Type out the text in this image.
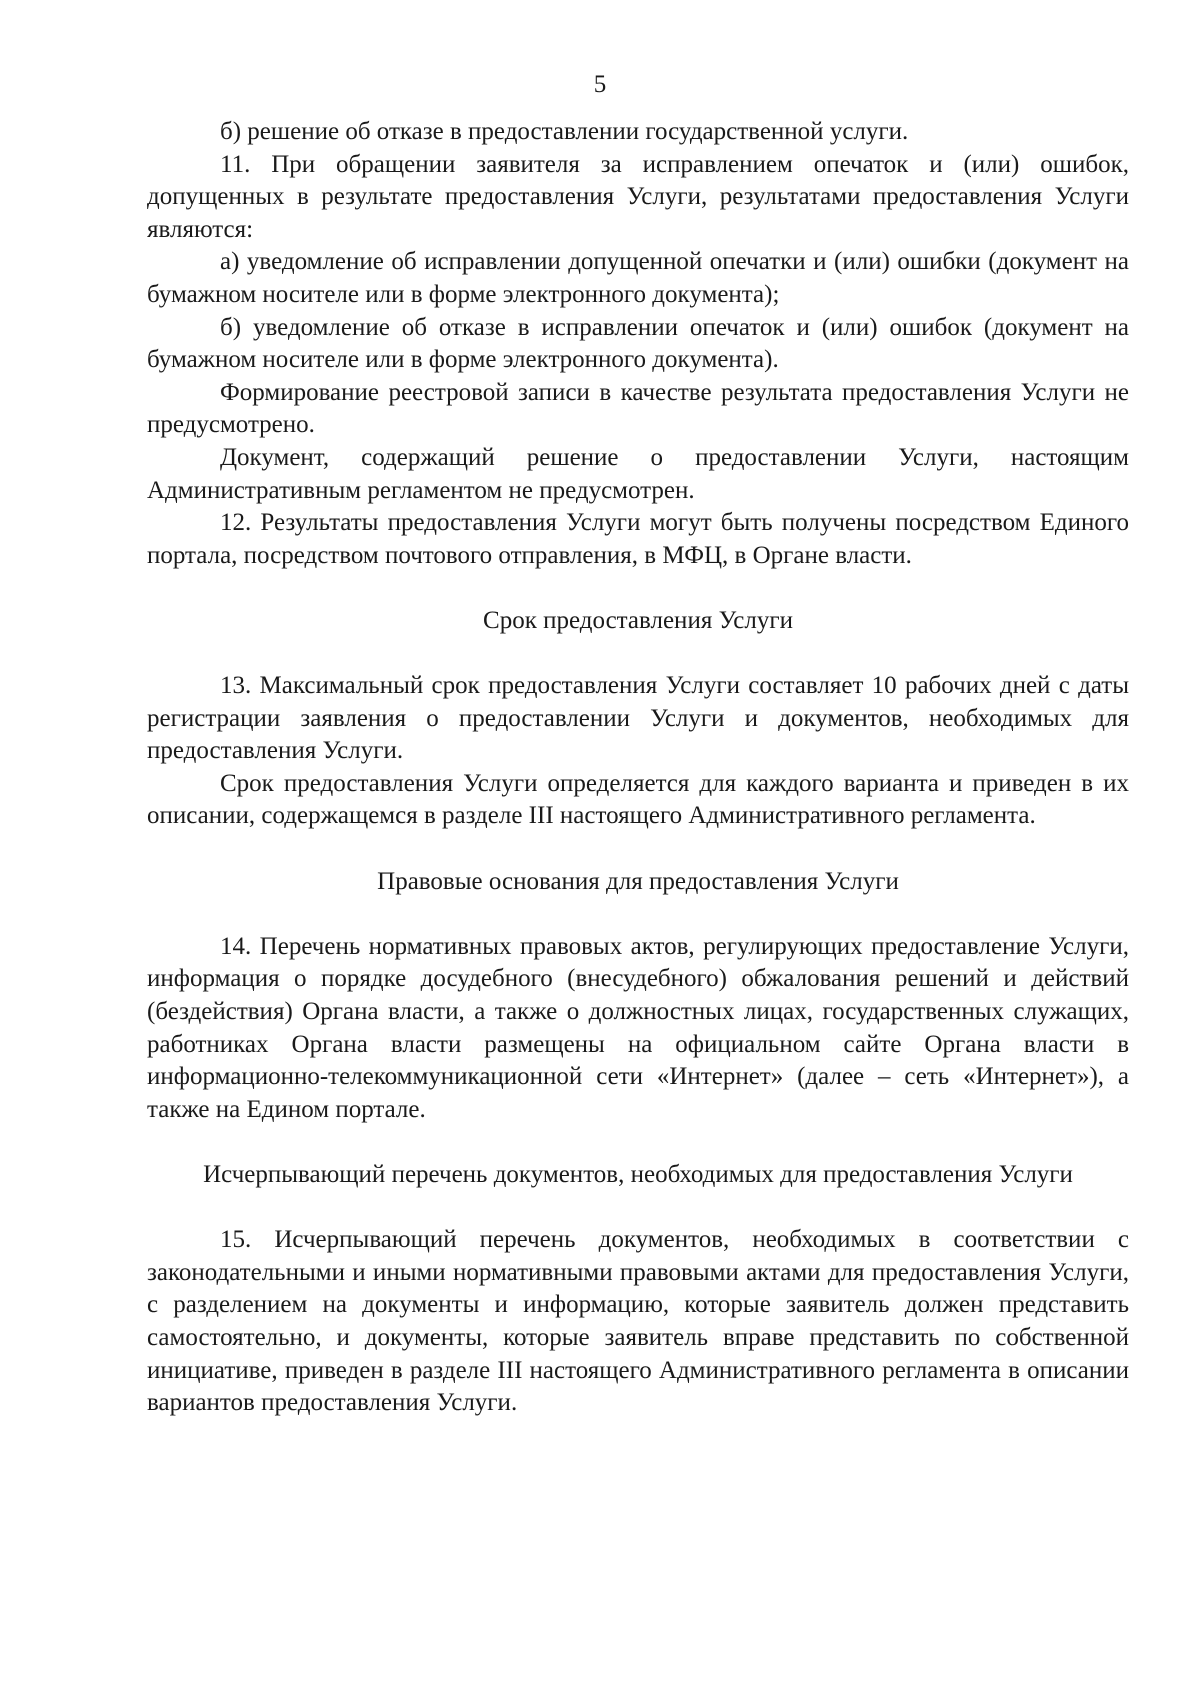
5

б) решение об отказе в предоставлении государственной услуги.

11. При обращении заявителя за исправлением опечаток и (или) ошибок, допущенных в результате предоставления Услуги, результатами предоставления Услуги являются:

а) уведомление об исправлении допущенной опечатки и (или) ошибки (документ на бумажном носителе или в форме электронного документа);

б) уведомление об отказе в исправлении опечаток и (или) ошибок (документ на бумажном носителе или в форме электронного документа).

Формирование реестровой записи в качестве результата предоставления Услуги не предусмотрено.

Документ, содержащий решение о предоставлении Услуги, настоящим Административным регламентом не предусмотрен.

12. Результаты предоставления Услуги могут быть получены посредством Единого портала, посредством почтового отправления, в МФЦ, в Органе власти.

Срок предоставления Услуги

13. Максимальный срок предоставления Услуги составляет 10 рабочих дней с даты регистрации заявления о предоставлении Услуги и документов, необходимых для предоставления Услуги.

Срок предоставления Услуги определяется для каждого варианта и приведен в их описании, содержащемся в разделе III настоящего Административного регламента.

Правовые основания для предоставления Услуги

14. Перечень нормативных правовых актов, регулирующих предоставление Услуги, информация о порядке досудебного (внесудебного) обжалования решений и действий (бездействия) Органа власти, а также о должностных лицах, государственных служащих, работниках Органа власти размещены на официальном сайте Органа власти в информационно-телекоммуникационной сети «Интернет» (далее – сеть «Интернет»), а также на Едином портале.

Исчерпывающий перечень документов, необходимых для предоставления Услуги

15. Исчерпывающий перечень документов, необходимых в соответствии с законодательными и иными нормативными правовыми актами для предоставления Услуги, с разделением на документы и информацию, которые заявитель должен представить самостоятельно, и документы, которые заявитель вправе представить по собственной инициативе, приведен в разделе III настоящего Административного регламента в описании вариантов предоставления Услуги.
